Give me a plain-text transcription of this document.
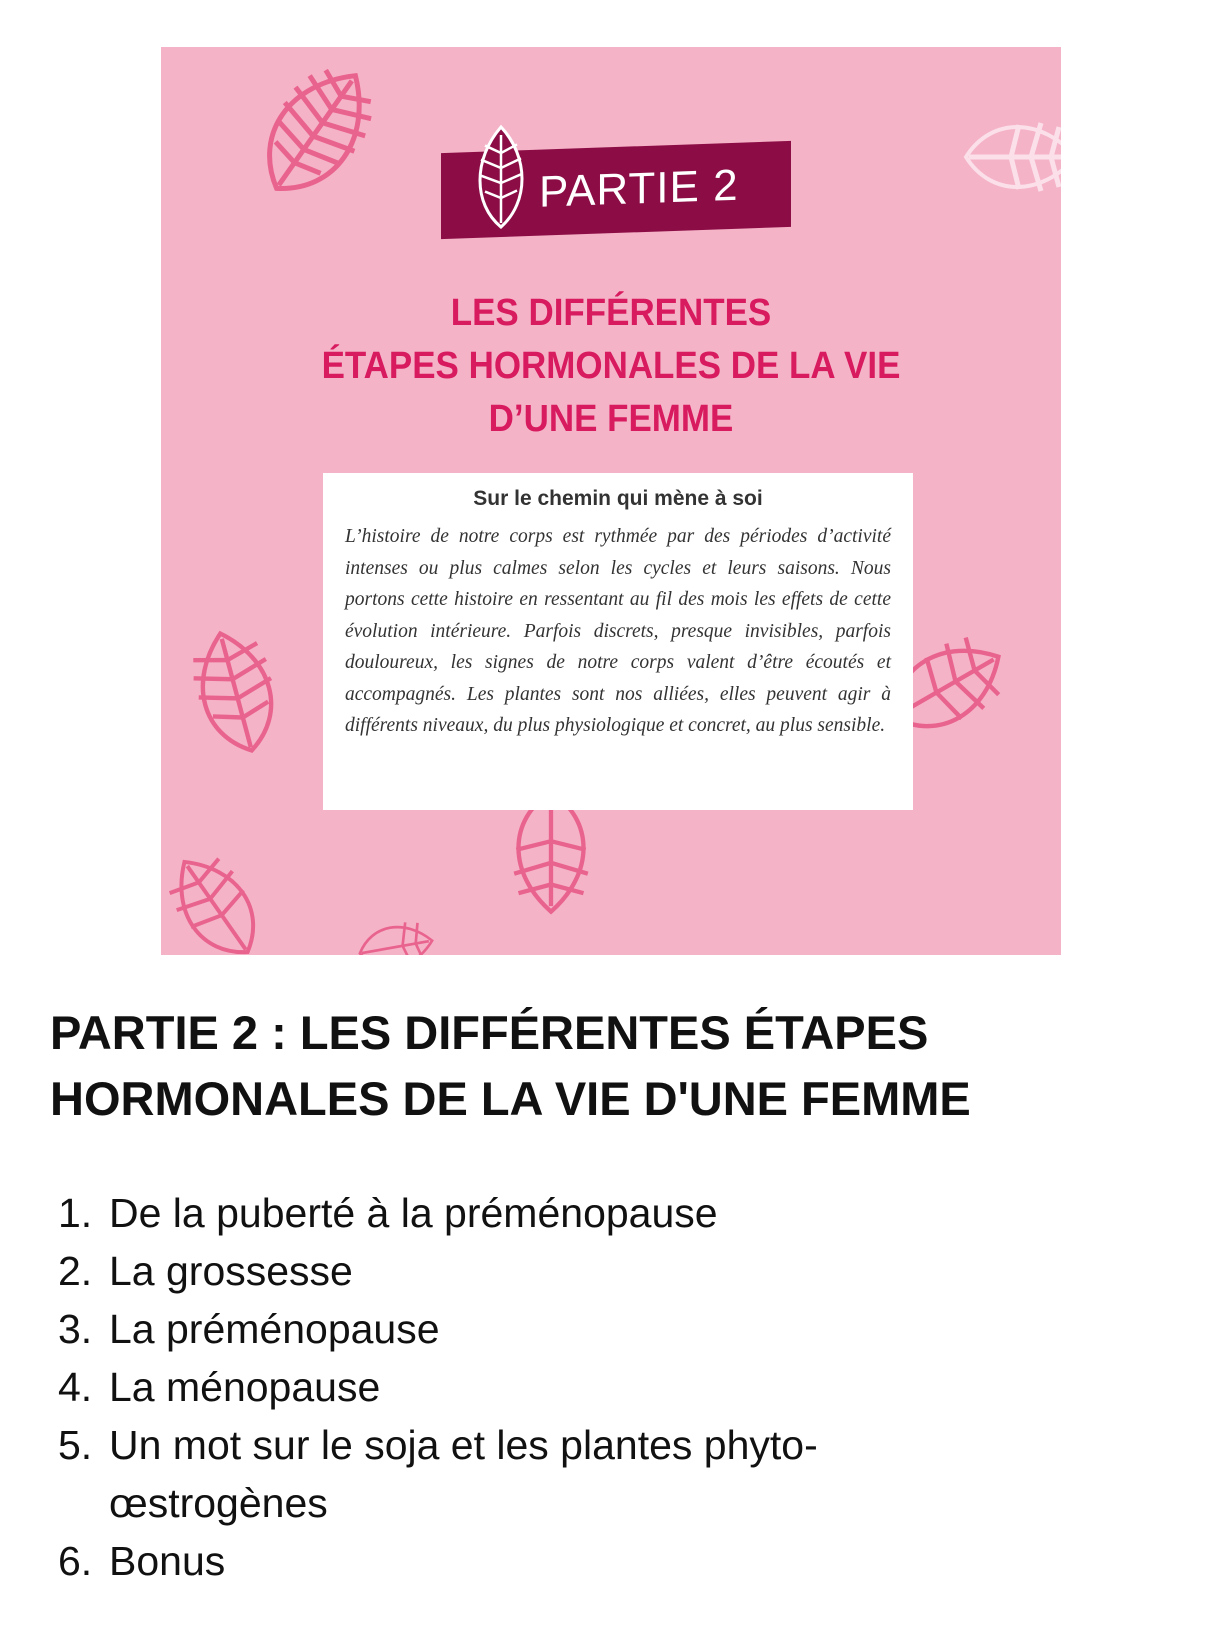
PARTIE 2
LES DIFFÉRENTES
ÉTAPES HORMONALES DE LA VIE
D’UNE FEMME
Sur le chemin qui mène à soi
L’histoire de notre corps est rythmée par des périodes d’activité intenses ou plus calmes selon les cycles et leurs saisons. Nous portons cette histoire en ressentant au fil des mois les effets de cette évolution intérieure. Parfois discrets, presque invisibles, parfois douloureux, les signes de notre corps valent d’être écoutés et accompagnés. Les plantes sont nos alliées, elles peuvent agir à différents niveaux, du plus physiologique et concret, au plus sensible.
PARTIE 2 : LES DIFFÉRENTES ÉTAPES HORMONALES DE LA VIE D'UNE FEMME
1. De la puberté à la préménopause
2. La grossesse
3. La préménopause
4. La ménopause
5. Un mot sur le soja et les plantes phyto-œstrogènes
6. Bonus
